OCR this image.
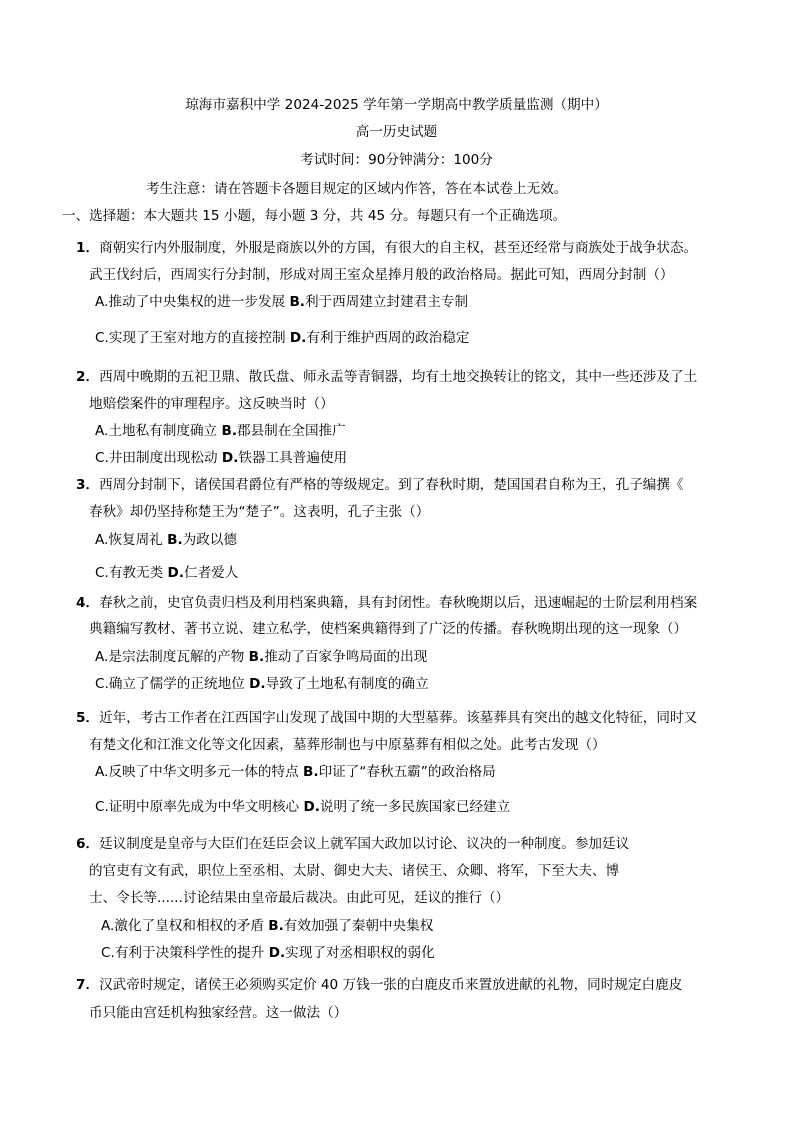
琼海市嘉积中学 2024-2025 学年第一学期高中教学质量监测（期中）
高一历史试题
考试时间：90分钟满分：100分
考生注意：请在答题卡各题目规定的区域内作答，答在本试卷上无效。
一、选择题：本大题共 15 小题，每小题 3 分，共 45 分。每题只有一个正确选项。
1．商朝实行内外服制度，外服是商族以外的方国，有很大的自主权，甚至还经常与商族处于战争状态。
武王伐纣后，西周实行分封制，形成对周王室众星捧月般的政治格局。据此可知，西周分封制（）
A.推动了中央集权的进一步发展 B.利于西周建立封建君主专制
C.实现了王室对地方的直接控制 D.有利于维护西周的政治稳定
2．西周中晚期的五祀卫鼎、散氏盘、师永盂等青铜器，均有土地交换转让的铭文，其中一些还涉及了土
地赔偿案件的审理程序。这反映当时（）
A.土地私有制度确立 B.郡县制在全国推广
C.井田制度出现松动 D.铁器工具普遍使用
3．西周分封制下，诸侯国君爵位有严格的等级规定。到了春秋时期，楚国国君自称为王，孔子编撰《
春秋》却仍坚持称楚王为“楚子”。这表明，孔子主张（）
A.恢复周礼 B.为政以德
C.有教无类 D.仁者爱人
4．春秋之前，史官负责归档及利用档案典籍，具有封闭性。春秋晚期以后，迅速崛起的士阶层利用档案
典籍编写教材、著书立说、建立私学，使档案典籍得到了广泛的传播。春秋晚期出现的这一现象（）
A.是宗法制度瓦解的产物 B.推动了百家争鸣局面的出现
C.确立了儒学的正统地位 D.导致了土地私有制度的确立
5．近年，考古工作者在江西国字山发现了战国中期的大型墓葬。该墓葬具有突出的越文化特征，同时又
有楚文化和江淮文化等文化因素，墓葬形制也与中原墓葬有相似之处。此考古发现（）
A.反映了中华文明多元一体的特点 B.印证了“春秋五霸”的政治格局
C.证明中原率先成为中华文明核心 D.说明了统一多民族国家已经建立
6．廷议制度是皇帝与大臣们在廷臣会议上就军国大政加以讨论、议决的一种制度。参加廷议
的官吏有文有武，职位上至丞相、太尉、御史大夫、诸侯王、众卿、将军，下至大夫、博
士、令长等......讨论结果由皇帝最后裁决。由此可见，廷议的推行（）
A.激化了皇权和相权的矛盾 B.有效加强了秦朝中央集权
C.有利于决策科学性的提升 D.实现了对丞相职权的弱化
7．汉武帝时规定，诸侯王必须购买定价 40 万钱一张的白鹿皮币来置放进献的礼物，同时规定白鹿皮
币只能由宫廷机构独家经营。这一做法（）
